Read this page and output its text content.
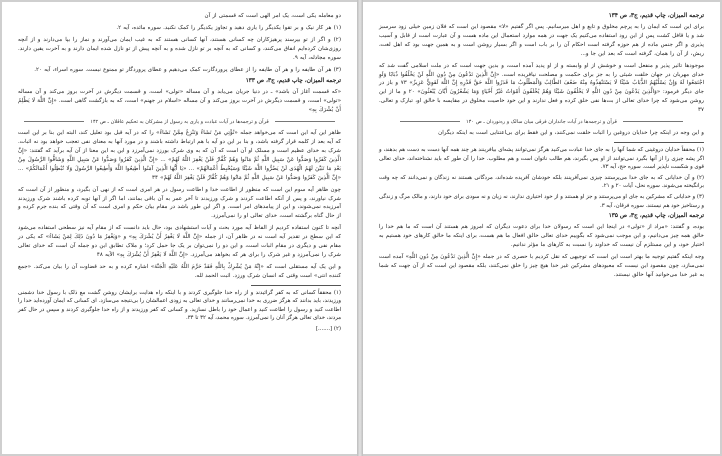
دو معامله یکی است، یک امر الهی است که قسمتی از آن

(۱) هر کار نیک و بر تقوا یکدیگر را یاری دهید و تجاوز یکدیگر را کمک نکنید. سوره مائده، آیه ۲.

(۲) و اگر از تو بپرسند پرهیزکاران چه کسانی هستند، آنها کسانی هستند که به غیب ایمان می‌آورند و نماز را بپا می‌دارند و از آنچه روزی‌شان کرده‌ایم انفاق می‌کنند، و کسانی که به آنچه بر تو نازل شده و به آنچه پیش از تو نازل شده ایمان دارند و به آخرت یقین دارند. سوره مجادله، آیه ۹.

(۳) هر آن طایفه را و هر آن طایفه را از عطای پروردگارت کمک می‌دهیم و عطای پروردگار تو ممنوع نیست. سوره اسراء، آیه ۲۰.

ترجمه المیزان، چاپ قدیم، ج۳، ص ۱۳۳

«که قسمت آغاز آن باشد» ـ در دنیا جریان می‌یابد و آن مساله «تولی» است، و قسمت دیگرش در آخرت بروز می‌کند و آن مساله «تولی» است، و قسمت دیگرش در آخرت بروز می‌کند و آن مساله «اسلام در جهنم» است، که به بازگشت گاهی است. «إِنَّ اللَّهَ لَا يَظْلِمُ أَنْ يُشْرَكَ بِهِ»

قرآن و ترجمه‌ها در آیات عبادت و یاری به رسول از مشرکان به تحکیم عاقلان ـ ص ۱۴۲

ظاهر این آیه این است که می‌خواهد جمله «تُؤْتِي مَنْ تَشَاءُ وَتَنْزِعُ مِمَّنْ تَشَاءُ» را که در آیه قبل بود تعلیل کند، البته این بنا بر این است که آیه بعد از کلمه قرار گرفته باشد، و بنا بر این دو آیه با هم ارتباط داشته باشند و در مورد آنها به معنای نفی تعجب خواهد بود نه اثبات. شرک به خدای عظیم است و مسلک او آن است که آن که به وی شرک بورزد نمی‌آمرزد و این به این معنا از آن آیه برآید که گفتند: «إِنَّ الَّذِينَ كَفَرُوا وَصَدُّوا عَنْ سَبِيلِ اللَّهِ ثُمَّ مَاتُوا وَهُمْ كُفَّارٌ فَلَنْ يَغْفِرَ اللَّهُ لَهُمْ» ... «إِنَّ الَّذِينَ كَفَرُوا وَصَدُّوا عَنْ سَبِيلِ اللَّهِ وَشَاقُّوا الرَّسُولَ مِنْ بَعْدِ مَا تَبَيَّنَ لَهُمُ الْهُدَى لَنْ يَضُرُّوا اللَّهَ شَيْئًا وَسَيُحْبِطُ أَعْمَالَهُمْ» ... «يَا أَيُّهَا الَّذِينَ آمَنُوا أَطِيعُوا اللَّهَ وَأَطِيعُوا الرَّسُولَ وَلَا تُبْطِلُوا أَعْمَالَكُمْ» ... «إِنَّ الَّذِينَ كَفَرُوا وَصَدُّوا عَنْ سَبِيلِ اللَّهِ ثُمَّ مَاتُوا وَهُمْ كُفَّارٌ فَلَنْ يَغْفِرَ اللَّهُ لَهُمْ» ۳۴

چون ظاهر آیه سوم این است که منظور از اطاعت خدا و اطاعت رسول در هر امری است که از نهی آن بگیرد، و منظور از آن است که شرک نیاورند، و پس از آنکه اطاعت کردند و شرک ورزیدند تا آخر عمر به آن باقی بمانند، اما اگر از آنها توبه کرده باشند شرک ورزیدند آمرزیده نمی‌شوند، و این از پیامدهای امر است. و اگر این طور باشد در مقام بیان حکم و امری است که آن وقتی که بنده جرم کرده و از حال گناه برگشته است، خدای تعالی او را نمی‌آمرزد.

آنچه تا کنون استفاده کردیم از الفاظ آیه مورد بحث و آیات استشهادی بود، حال باید دانست که از مقام آیه نیز سطحی استفاده می‌شود که این سطح در تقدیر آیه است نه در ظاهر آن، از جمله «إِنَّ اللَّهَ لَا يَغْفِرُ أَنْ يُشْرَكَ بِهِ» و «وَيَغْفِرُ مَا دُونَ ذَلِكَ لِمَنْ يَشَاءُ» که یکی در مقام نفی و دیگری در مقام اثبات است، و این دو را نمی‌توان بر یک جا حمل کرد؛ و ملاک تطابق این دو جمله آن است که خدای تعالی شرک را نمی‌آمرزد و غیر شرک را برای هر که بخواهد می‌آمرزد. «إِنَّ اللَّهَ لَا يَغْفِرُ أَنْ يُشْرَكَ بِهِ» الآیه ۴۸

و این یک آیه مستقلی است که «إِنَّهُ مَنْ يُشْرِكْ بِاللَّهِ فَقَدْ حَرَّمَ اللَّهُ عَلَيْهِ الْجَنَّةَ» اشاره کرده و به حد قضاوت آن را بیان می‌کند. «جمع کننده انتی» است وقتی که انسان شرک ورزد. اثبت الحمد لله.

(۱) محققاً کسانی که به کفر گرائیدند و از راه خدا جلوگیری کردند و با اینکه راه هدایت برایشان روشن گشت مع ذلک با رسول خدا دشمنی ورزیدند، باید بدانند که هرگز ضرری به خدا نمی‌رسانند و خدای تعالی به زودی اعمالشان را بی‌نتیجه می‌سازد. ای کسانی که ایمان آورده‌اید خدا را اطاعت کنید و رسول را اطاعت کنید و اعمال خود را باطل نسازید. و کسانی که کفر ورزیدند و از راه خدا جلوگیری کردند و سپس در حال کفر مردند، خدای تعالی هرگز آنان را نمی‌آمرزد. سوره محمد، آیه ۳۲ تا ۳۴.

(۲) [.......]

ترجمه المیزان، چاپ قدیم، ج۳، ص ۱۳۴

برای این است که ایمان را به پرچم مخلوق و تابع و اهل میرسانیم. پس اگر گفتیم «لا» مقصود این است که فلان زمین خیلی زود سرسبز شد و یا قافل کشت پس از این رود استفاده می‌کنیم یک جهت در همه موارد استعمال این ماده هست و آن عبارت است از قابل و آسیب پذیری و اگر جنس ماده از هم حوزه گرفته است احکام آن را بر باب است و اگر بسیار روشن است و به همین جهت بود که اهل لغت، ریش، از آن را همان، گرفته است که بعد این جا و...

موجودها تاثیر پذیر و منفعل است و خوشش از او وابسته و از او پدید آمده است، و بدین جهت است که در ملت اسلامی گفت شد که خدای مهربان در جهان خلقت شیئی را به جز برای حکمت و مصلحت نیافریده است. «إِنَّ الَّذِينَ تَدْعُونَ مِنْ دُونِ اللَّهِ لَنْ يَخْلُقُوا ذُبَابًا وَلَوِ اجْتَمَعُوا لَهُ وَإِنْ يَسْلُبْهُمُ الذُّبَابُ شَيْئًا لَا يَسْتَنْقِذُوهُ مِنْهُ ضَعُفَ الطَّالِبُ وَالْمَطْلُوبُ مَا قَدَرُوا اللَّهَ حَقَّ قَدْرِهِ إِنَّ اللَّهَ لَقَوِيٌّ عَزِيزٌ» ۷۳ و باز در جای دیگر فرمود: «وَالَّذِينَ يَدْعُونَ مِنْ دُونِ اللَّهِ لَا يَخْلُقُونَ شَيْئًا وَهُمْ يُخْلَقُونَ أَمْوَاتٌ غَيْرُ أَحْيَاءٍ وَمَا يَشْعُرُونَ أَيَّانَ يُبْعَثُونَ» ۲۰ و ما از این روشن می‌شود که چرا خدای تعالی از بت‌ها نفی خلق کرده و فعل ندارند و این خود خاصیت مخلوق در مقایسه با خالق او، تبارک و تعالی. ۳۷

قرآن و ترجمه‌ها در آیات جانداران فرقی میان سالک و ره‌نوردان ـ ص ۱۴۰

و این وجه در اینکه چرا خدایان دروغین را اثبات خلقت نمی‌کنند، و این فقط برای بی‌اعتنایی است به اینکه دیگران

(۱) محققاً خدایان دروغینی که شما آنها را به جای خدا عبادت می‌کنید هرگز نمی‌توانند پشه‌ای بیافرینند هر چند همه آنها دست به دست هم بدهند، و اگر پشه چیزی را از آنها بگیرد نمی‌توانند از او پس بگیرند، هم طالب ناتوان است و هم مطلوب. خدا را آن طور که باید نشناخته‌اند، خدای تعالی قوی و شکست ناپذیر است. سوره حج، آیه ۷۳.

(۲) و آن خدایانی که به جای خدا می‌پرستند چیزی نمی‌آفرینند بلکه خودشان آفریده شده‌اند، مردگانی هستند نه زندگان و نمی‌دانند که چه وقت برانگیخته می‌شوند. سوره نحل، آیات ۲۰ و ۲۱.

(۳) و خدایانی که مشرکین به جای او می‌پرستند و جز او هستند و از خود اختیاری ندارند، نه زیان و نه سودی برای خود دارند، و مالک مرگ و زندگی و رستاخیز خود هم نیستند. سوره فرقان، آیه ۳.

ترجمه المیزان، چاپ قدیم، ج۳، ص ۱۳۵

بوده، و گفتند: «مراد از «تولی» در اینجا این است که رسولان خدا برای دعوت دیگران که امروز هم هستند آن است که ما هم خدا را خالق همه چیز می‌دانیم، و این موجب نمی‌شود که بگوییم خدای تعالی خالق افعال ما هم هست، برای اینکه ما خالق کارهای خود هستیم به اختیار خود، و این مستلزم آن نیست که خداوند را نسبت به کارهای ما مؤثر ندانیم.

وجه اینکه گفتیم توجیه ما بهتر است این است که توجیهی که نقل کردیم با حصری که در جمله «إِنَّ الَّذِينَ تَدْعُونَ مِنْ دُونِ اللَّهِ» آمده است نمی‌سازد، چون مقصود این نیست که معبودهای مشرکین غیر خدا هیچ چیز را خلق نمی‌کنند، بلکه مقصود این است که از آن جهت که شما به غیر خدا می‌خوانید آنها خالق نیستند.
